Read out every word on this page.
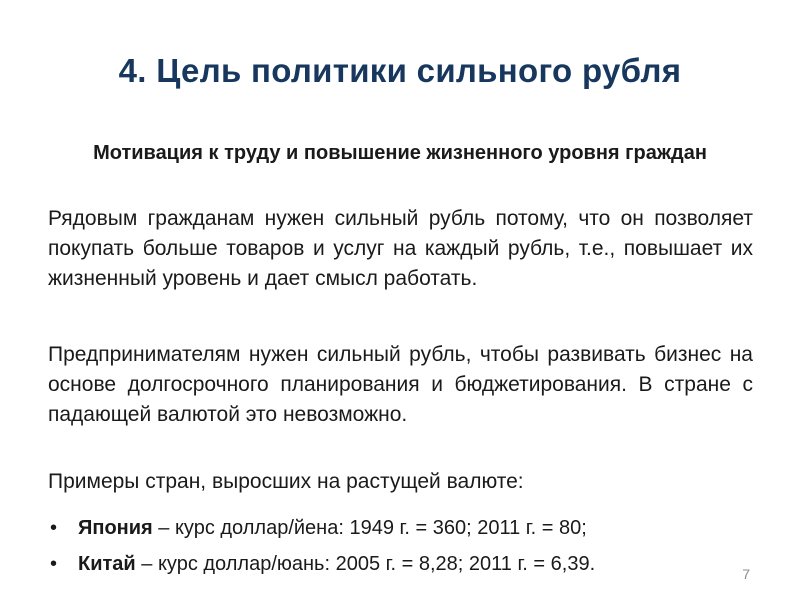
4. Цель политики сильного рубля
Мотивация к труду и повышение жизненного уровня граждан
Рядовым гражданам нужен сильный рубль потому, что он позволяет покупать больше товаров и услуг на каждый рубль, т.е., повышает их жизненный уровень и дает смысл работать.
Предпринимателям нужен сильный рубль, чтобы развивать бизнес на основе долгосрочного планирования и бюджетирования. В стране с падающей валютой это невозможно.
Примеры стран, выросших на растущей валюте:
• Япония – курс доллар/йена: 1949 г. = 360; 2011 г. = 80;
• Китай – курс доллар/юань: 2005 г. = 8,28; 2011 г. = 6,39.	7
